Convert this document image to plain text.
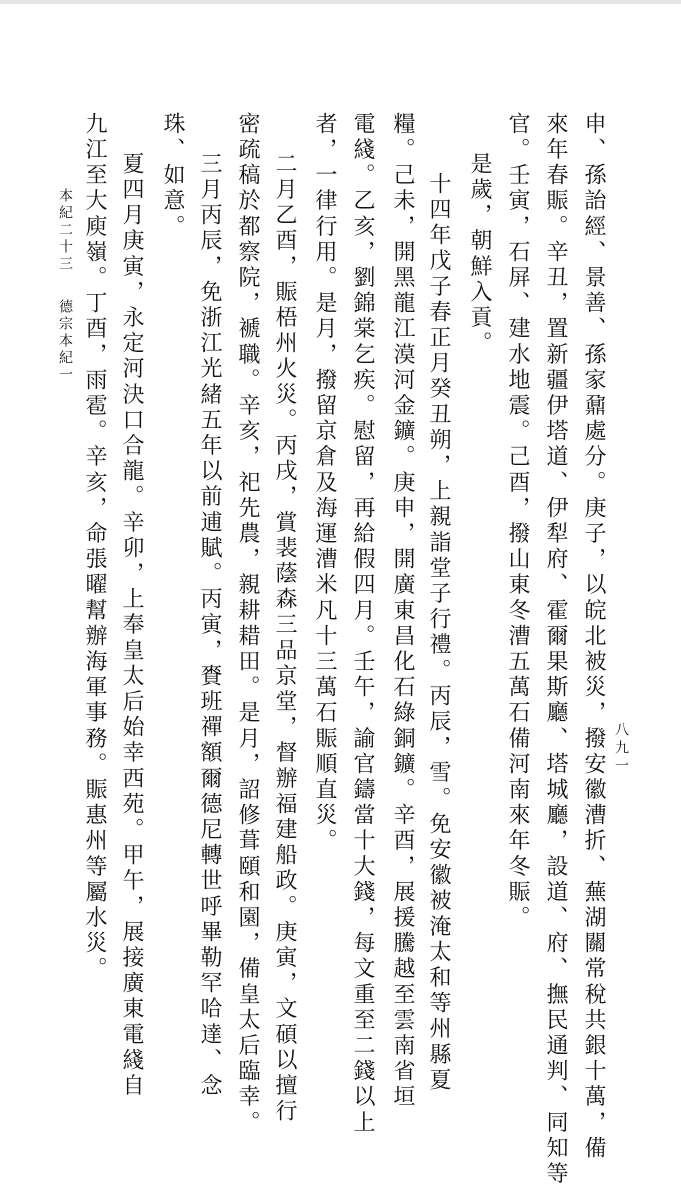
申、孫詒經、景善、孫家鼐處分。庚子，以皖北被災，撥安徽漕折、蕪湖關常稅共銀十萬，備
來年春賑。辛丑，置新疆伊塔道、伊犁府、霍爾果斯廳、塔城廳，設道、府、撫民通判、同知等
官。壬寅，石屏、建水地震。己酉，撥山東冬漕五萬石備河南來年冬賑。
是歲，朝鮮入貢。
十四年戊子春正月癸丑朔，上親詣堂子行禮。丙辰，雪。免安徽被淹太和等州縣夏
糧。己未，開黑龍江漠河金鑛。庚申，開廣東昌化石綠銅鑛。辛酉，展援騰越至雲南省垣
電綫。乙亥，劉錦棠乞疾。慰留，再給假四月。壬午，諭官鑄當十大錢，每文重至二錢以上
者，一律行用。是月，撥留京倉及海運漕米凡十三萬石賑順直災。
二月乙酉，賑梧州火災。丙戌，賞裴蔭森三品京堂，督辦福建船政。庚寅，文碩以擅行
密疏稿於都察院，褫職。辛亥，祀先農，親耕耤田。是月，詔修葺頤和園，備皇太后臨幸。
三月丙辰，免浙江光緒五年以前逋賦。丙寅，賚班禪額爾德尼轉世呼畢勒罕哈達、念
珠、如意。
夏四月庚寅，永定河決口合龍。辛卯，上奉皇太后始幸西苑。甲午，展接廣東電綫自
九江至大庾嶺。丁酉，雨雹。辛亥，命張曜幫辦海軍事務。賑惠州等屬水災。
本紀二十三德宗本紀一
八九一
